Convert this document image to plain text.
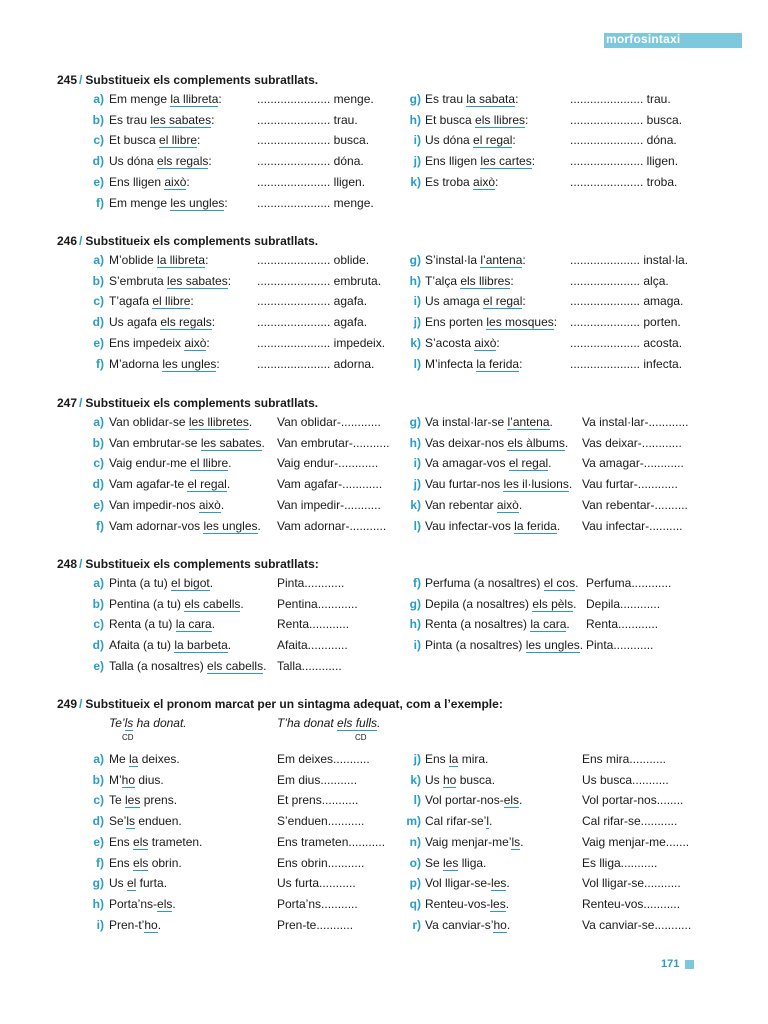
morfosintaxi
245 / Substitueix els complements subratllats.
a) Em menge la llibreta:	...................... menge.
b) Es trau les sabates:	...................... trau.
c) Et busca el llibre:	...................... busca.
d) Us dóna els regals:	...................... dóna.
e) Ens lligen això:	...................... lligen.
f) Em menge les ungles: ...................... menge.
g) Es trau la sabata:	...................... trau.
h) Et busca els llibres:	...................... busca.
i) Us dóna el regal:	...................... dóna.
j) Ens lligen les cartes:	...................... lligen.
k) Es troba això:	...................... troba.
246 / Substitueix els complements subratllats.
a) M’oblide la llibreta:	...................... oblide.
b) S’embruta les sabates: ...................... embruta.
c) T’agafa el llibre:	...................... agafa.
d) Us agafa els regals:	...................... agafa.
e) Ens impedeix això:	...................... impedeix.
f) M’adorna les ungles:	...................... adorna.
g) S’instal·la l’antena:	..................... instal·la.
h) T’alça els llibres:	..................... alça.
i) Us amaga el regal:	..................... amaga.
j) Ens porten les mosques: ..................... porten.
k) S’acosta això:	..................... acosta.
l) M’infecta la ferida:	..................... infecta.
247 / Substitueix els complements subratllats.
a) Van oblidar-se les llibretes. Van oblidar-............
b) Van embrutar-se les sabates. Van embrutar-...........
c) Vaig endur-me el llibre.	Vaig endur-............
d) Vam agafar-te el regal.	Vam agafar-............
e) Van impedir-nos això.	Van impedir-...........
f) Vam adornar-vos les ungles. Vam adornar-...........
g) Va instal·lar-se l’antena. Va instal·lar-............
h) Vas deixar-nos els àlbums. Vas deixar-............
i) Va amagar-vos el regal.	Va amagar-............
j) Vau furtar-nos les il·lusions. Vau furtar-............
k) Van rebentar això.	Van rebentar-..........
l) Vau infectar-vos la ferida. Vau infectar-..........
248 / Substitueix els complements subratllats:
a) Pinta (a tu) el bigot.	Pinta............
b) Pentina (a tu) els cabells.	Pentina............
c) Renta (a tu) la cara.	Renta............
d) Afaita (a tu) la barbeta.	Afaita............
e) Talla (a nosaltres) els cabells. Talla............
f) Perfuma (a nosaltres) el cos. Perfuma............
g) Depila (a nosaltres) els pèls. Depila............
h) Renta (a nosaltres) la cara. Renta............
i) Pinta (a nosaltres) les ungles. Pinta............
249 / Substitueix el pronom marcat per un sintagma adequat, com a l’exemple:
Te’ls ha donat.
CD
T’ha donat els fulls.
CD
a) Me la deixes.	Em deixes...........
b) M’ho dius.	Em dius...........
c) Te les prens.	Et prens...........
d) Se’ls enduen.	S’enduen...........
e) Ens els trameten.	Ens trameten...........
f) Ens els obrin.	Ens obrin...........
g) Us el furta.	Us furta...........
h) Porta’ns-els.	Porta’ns...........
i) Pren-t’ho.	Pren-te...........
j) Ens la mira.	Ens mira...........
k) Us ho busca.	Us busca...........
l) Vol portar-nos-els.	Vol portar-nos........
m) Cal rifar-se’l.	Cal rifar-se...........
n) Vaig menjar-me’ls.	Vaig menjar-me.......
o) Se les lliga.	Es lliga...........
p) Vol lligar-se-les.	Vol lligar-se...........
q) Renteu-vos-les.	Renteu-vos...........
r) Va canviar-s’ho.	Va canviar-se...........
171
